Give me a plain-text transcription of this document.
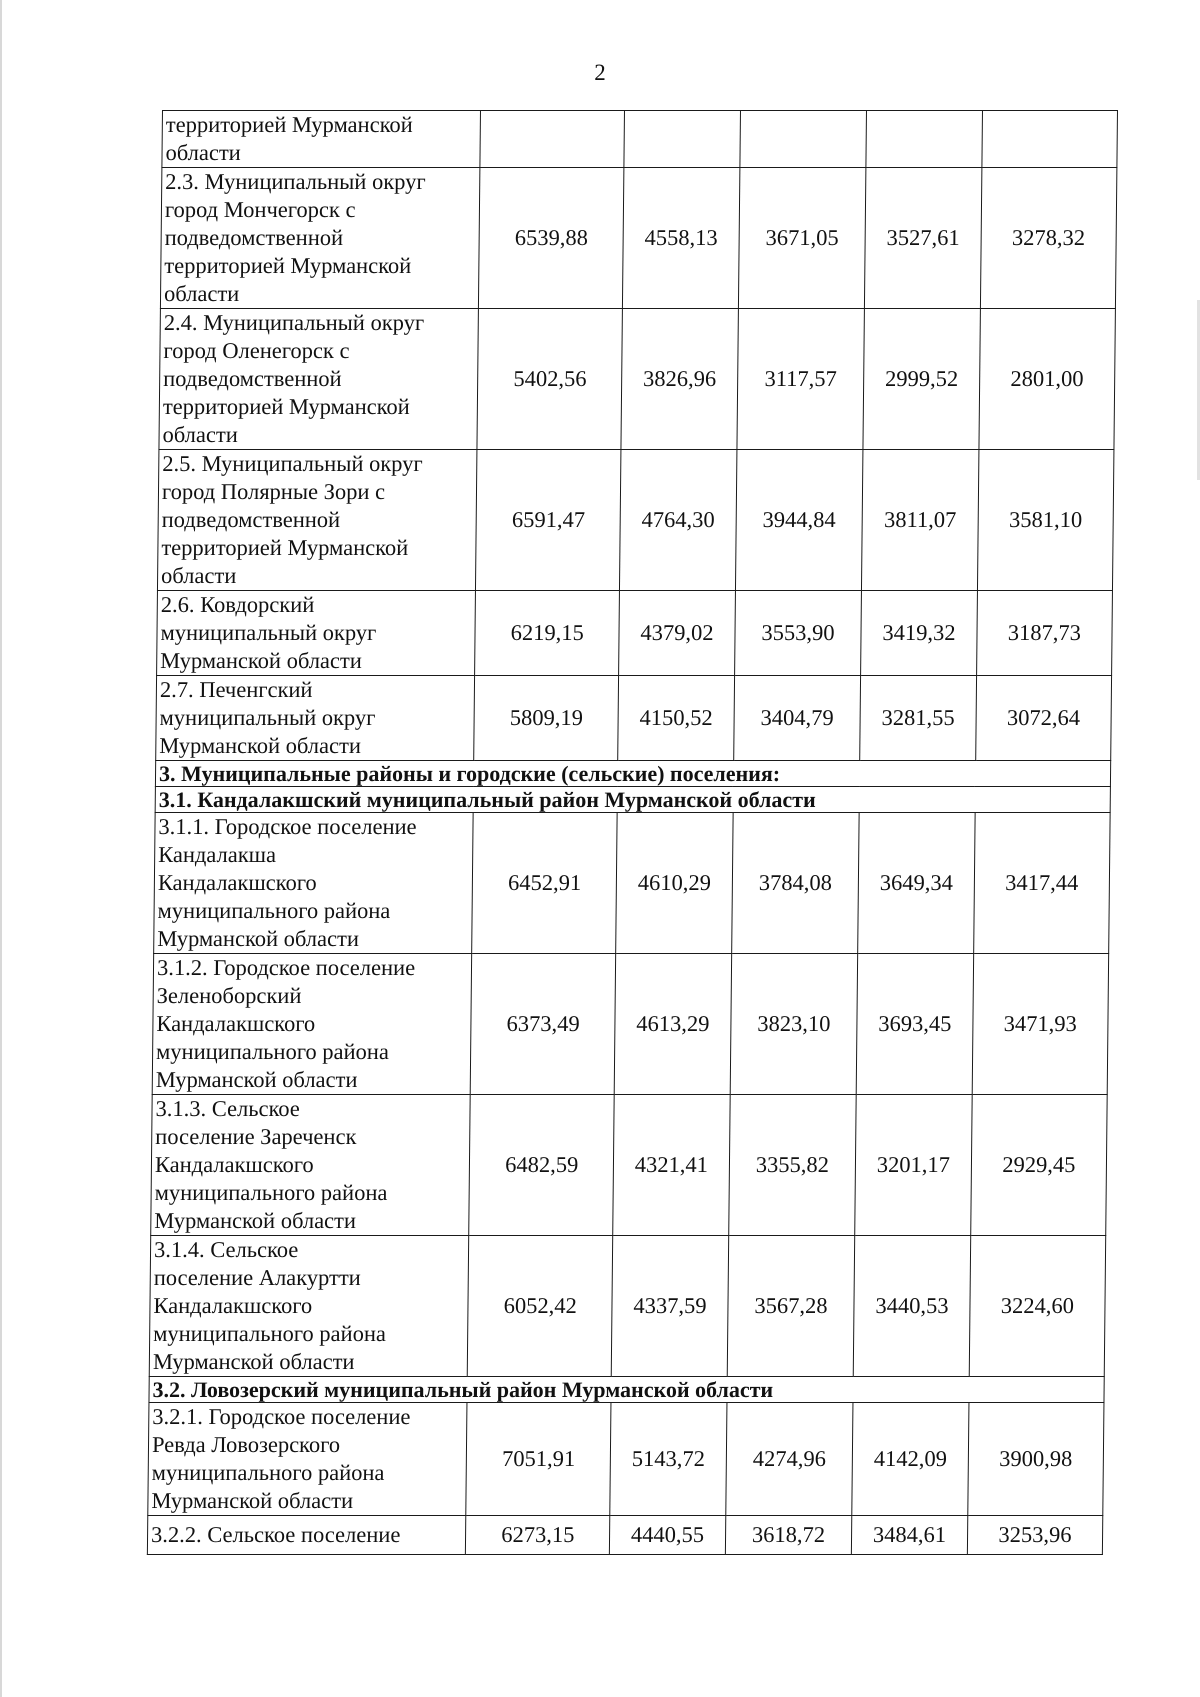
2
территорией Мурманской
области					
2.3. Муниципальный округ
город Мончегорск с
подведомственной
территорией Мурманской
области	6539,88	4558,13	3671,05	3527,61	3278,32
2.4. Муниципальный округ
город Оленегорск с
подведомственной
территорией Мурманской
области	5402,56	3826,96	3117,57	2999,52	2801,00
2.5. Муниципальный округ
город Полярные Зори с
подведомственной
территорией Мурманской
области	6591,47	4764,30	3944,84	3811,07	3581,10
2.6. Ковдорский
муниципальный округ
Мурманской области	6219,15	4379,02	3553,90	3419,32	3187,73
2.7. Печенгский
муниципальный округ
Мурманской области	5809,19	4150,52	3404,79	3281,55	3072,64
3. Муниципальные районы и городские (сельские) поселения:					
3.1. Кандалакшский муниципальный район Мурманской области					
3.1.1. Городское поселение
Кандалакша
Кандалакшского
муниципального района
Мурманской области	6452,91	4610,29	3784,08	3649,34	3417,44
3.1.2. Городское поселение
Зеленоборский
Кандалакшского
муниципального района
Мурманской области	6373,49	4613,29	3823,10	3693,45	3471,93
3.1.3. Сельское
поселение Зареченск
Кандалакшского
муниципального района
Мурманской области	6482,59	4321,41	3355,82	3201,17	2929,45
3.1.4. Сельское
поселение Алакуртти
Кандалакшского
муниципального района
Мурманской области	6052,42	4337,59	3567,28	3440,53	3224,60
3.2. Ловозерский муниципальный район Мурманской области					
3.2.1. Городское поселение
Ревда Ловозерского
муниципального района
Мурманской области	7051,91	5143,72	4274,96	4142,09	3900,98
3.2.2. Сельское поселение	6273,15	4440,55	3618,72	3484,61	3253,96
